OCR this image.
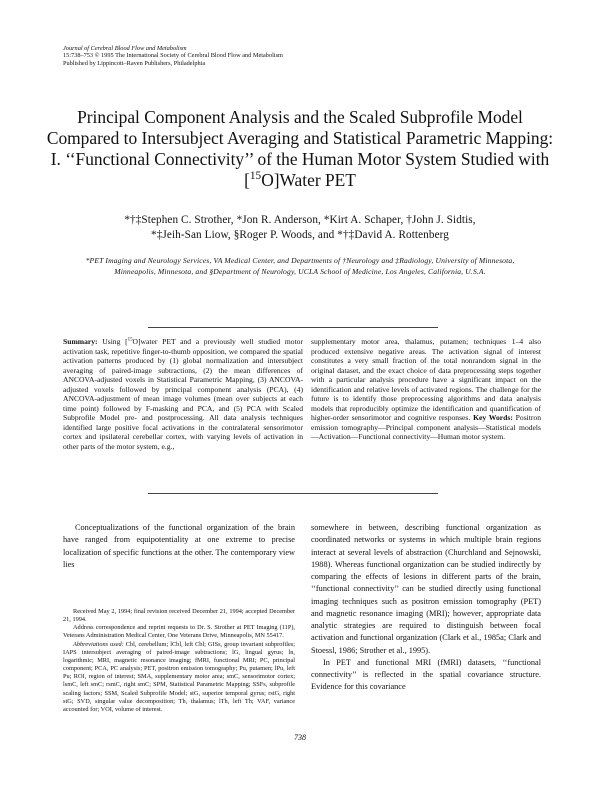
Journal of Cerebral Blood Flow and Metabolism
15:738–753 © 1995 The International Society of Cerebral Blood Flow and Metabolism
Published by Lippincott–Raven Publishers, Philadelphia
Principal Component Analysis and the Scaled Subprofile Model Compared to Intersubject Averaging and Statistical Parametric Mapping: I. ‘‘Functional Connectivity’’ of the Human Motor System Studied with [$^{15}$O]Water PET
*†‡Stephen C. Strother, *Jon R. Anderson, *Kirt A. Schaper, †John J. Sidtis,
*‡Jeih-San Liow, §Roger P. Woods, and *†‡David A. Rottenberg
*PET Imaging and Neurology Services, VA Medical Center, and Departments of †Neurology and ‡Radiology, University of Minnesota, Minneapolis, Minnesota, and §Department of Neurology, UCLA School of Medicine, Los Angeles, California, U.S.A.
Summary: Using [$^{15}$O]water PET and a previously well studied motor activation task, repetitive finger-to-thumb opposition, we compared the spatial activation patterns produced by (1) global normalization and intersubject averaging of paired-image subtractions, (2) the mean differences of ANCOVA-adjusted voxels in Statistical Parametric Mapping, (3) ANCOVA-adjusted voxels followed by principal component analysis (PCA), (4) ANCOVA-adjustment of mean image volumes (mean over subjects at each time point) followed by F-masking and PCA, and (5) PCA with Scaled Subprofile Model pre- and postprocessing. All data analysis techniques identified large positive focal activations in the contralateral sensorimotor cortex and ipsilateral cerebellar cortex, with varying levels of activation in other parts of the motor system, e.g.,
supplementary motor area, thalamus, putamen; techniques 1–4 also produced extensive negative areas. The activation signal of interest constitutes a very small fraction of the total nonrandom signal in the original dataset, and the exact choice of data preprocessing steps together with a particular analysis procedure have a significant impact on the identification and relative levels of activated regions. The challenge for the future is to identify those preprocessing algorithms and data analysis models that reproducibly optimize the identification and quantification of higher-order sensorimotor and cognitive responses. Key Words: Positron emission tomography—Principal component analysis—Statistical models—Activation—Functional connectivity—Human motor system.

Conceptualizations of the functional organization of the brain have ranged from equipotentiality at one extreme to precise localization of specific functions at the other. The contemporary view lies

Received May 2, 1994; final revision received December 21, 1994; accepted December 21, 1994.

Address correspondence and reprint requests to Dr. S. Strother at PET Imaging (11P), Veterans Administration Medical Center, One Veterans Drive, Minneapolis, MN 55417.

Abbreviations used: Cbl, cerebellum; lCbl, left Cbl; GISs, group invariant subprofiles; IAPS intersubject averaging of paired-image subtractions; lG, lingual gyrus; ln, logarithmic; MRI, magnetic resonance imaging; fMRI, functional MRI; PC, principal component; PCA, PC analysis; PET, positron emission tomography; Pu, putamen; lPu, left Pu; ROI, region of interest; SMA, supplementary motor area; smC, sensorimotor cortex; lsmC, left smC; rsmC, right smC; SPM, Statistical Parametric Mapping; SSFs, subprofile scaling factors; SSM, Scaled Subprofile Model; stG, superior temporal gyrus; rstG, right stG; SVD, singular value decomposition; Th, thalamus; lTh, left Th; VAF, variance accounted for; VOI, volume of interest.

somewhere in between, describing functional organization as coordinated networks or systems in which multiple brain regions interact at several levels of abstraction (Churchland and Sejnowski, 1988). Whereas functional organization can be studied indirectly by comparing the effects of lesions in different parts of the brain, ‘‘functional connectivity’’ can be studied directly using functional imaging techniques such as positron emission tomography (PET) and magnetic resonance imaging (MRI); however, appropriate data analytic strategies are required to distinguish between focal activation and functional organization (Clark et al., 1985a; Clark and Stoessl, 1986; Strother et al., 1995).

In PET and functional MRI (fMRI) datasets, ‘‘functional connectivity’’ is reflected in the spatial covariance structure. Evidence for this covariance

738
